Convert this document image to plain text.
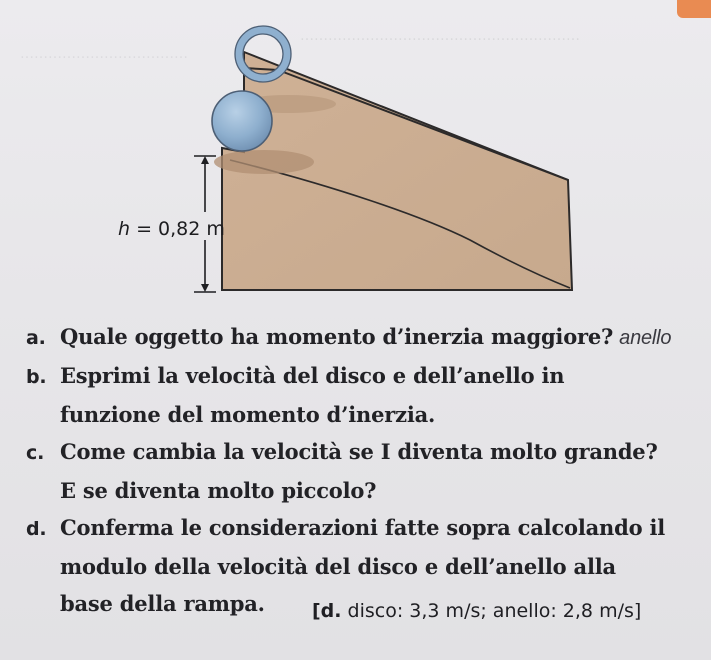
……………………………………………………
………………………………
h = 0,82 m
a. Quale oggetto ha momento d’inerzia maggiore? anello
b. Esprimi la velocità del disco e dell’anello in
funzione del momento d’inerzia.
c. Come cambia la velocità se I diventa molto grande?
E se diventa molto piccolo?
d. Conferma le considerazioni fatte sopra calcolando il
modulo della velocità del disco e dell’anello alla
base della rampa.	[d. disco: 3,3 m/s; anello: 2,8 m/s]
